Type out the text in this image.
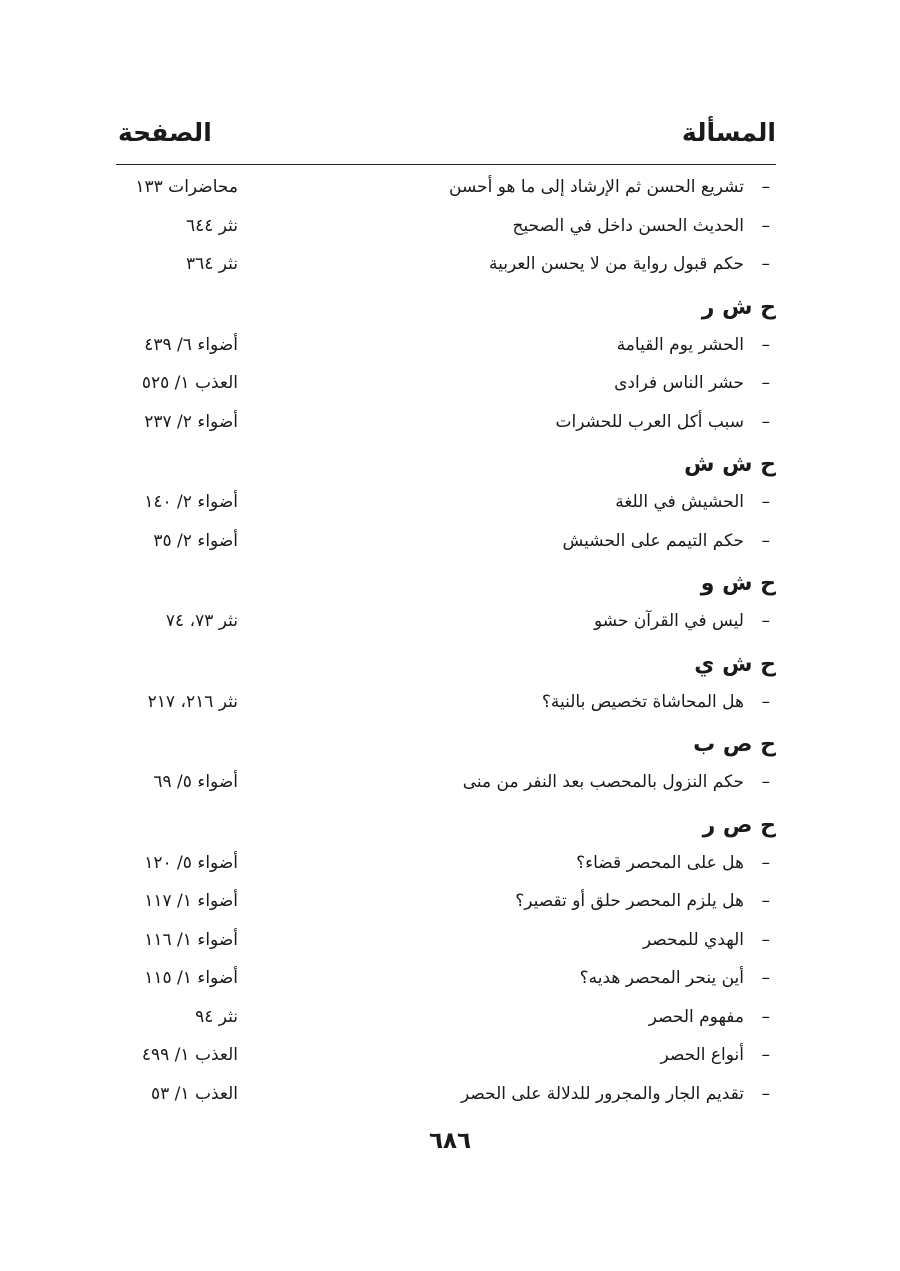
المسألة
الصفحة
–
تشريع الحسن ثم الإرشاد إلى ما هو أحسن
محاضرات ١٣٣
–
الحديث الحسن داخل في الصحيح
نثر ٦٤٤
–
حكم قبول رواية من لا يحسن العربية
نثر ٣٦٤
ح ش ر
–
الحشر يوم القيامة
أضواء ٦/ ٤٣٩
–
حشر الناس فرادى
العذب ١/ ٥٢٥
–
سبب أكل العرب للحشرات
أضواء ٢/ ٢٣٧
ح ش ش
–
الحشيش في اللغة
أضواء ٢/ ١٤٠
–
حكم التيمم على الحشيش
أضواء ٢/ ٣٥
ح ش و
–
ليس في القرآن حشو
نثر ٧٣، ٧٤
ح ش ي
–
هل المحاشاة تخصيص بالنية؟
نثر ٢١٦، ٢١٧
ح ص ب
–
حكم النزول بالمحصب بعد النفر من منى
أضواء ٥/ ٦٩
ح ص ر
–
هل على المحصر قضاء؟
أضواء ٥/ ١٢٠
–
هل يلزم المحصر حلق أو تقصير؟
أضواء ١/ ١١٧
–
الهدي للمحصر
أضواء ١/ ١١٦
–
أين ينحر المحصر هديه؟
أضواء ١/ ١١٥
–
مفهوم الحصر
نثر ٩٤
–
أنواع الحصر
العذب ١/ ٤٩٩
–
تقديم الجار والمجرور للدلالة على الحصر
العذب ١/ ٥٣
٦٨٦
